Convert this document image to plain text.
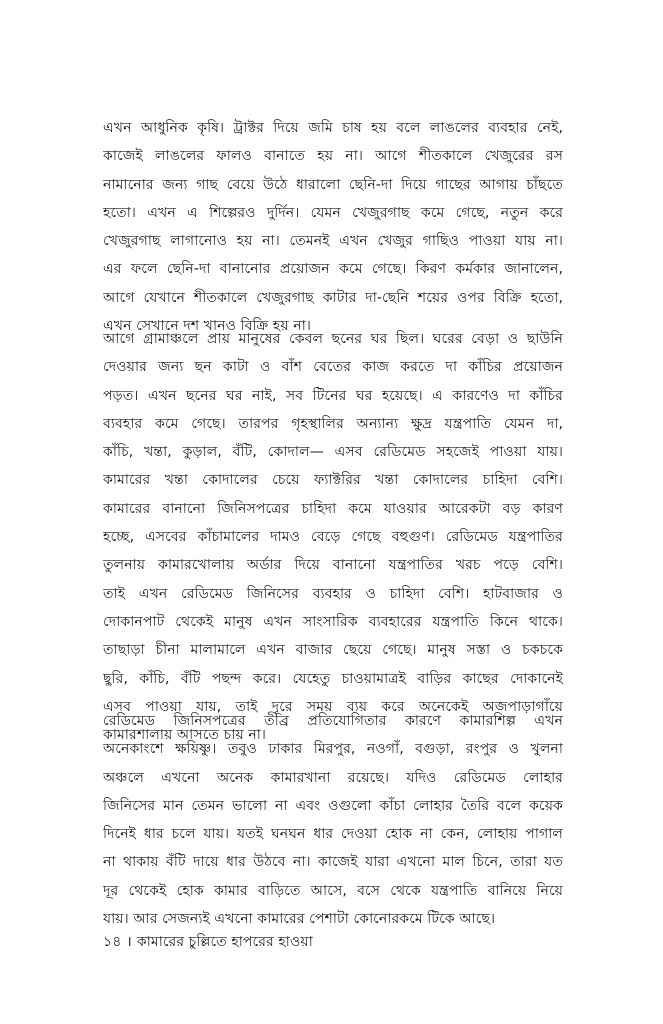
এখন আধুনিক কৃষি। ট্রাক্টর দিয়ে জমি চাষ হয় বলে লাঙলের ব্যবহার নেই,
কাজেই লাঙলের ফালও বানাতে হয় না। আগে শীতকালে খেজুরের রস
নামানোর জন্য গাছ বেয়ে উঠে ধারালো ছেনি-দা দিয়ে গাছের আগায় চাঁছতে
হতো। এখন এ শিল্পেরও দুর্দিন। যেমন খেজুরগাছ কমে গেছে, নতুন করে
খেজুরগাছ লাগানোও হয় না। তেমনই এখন খেজুর গাছিও পাওয়া যায় না।
এর ফলে ছেনি-দা বানানোর প্রয়োজন কমে গেছে। কিরণ কর্মকার জানালেন,
আগে যেখানে শীতকালে খেজুরগাছ কাটার দা-ছেনি শয়ের ওপর বিক্রি হতো,
এখন সেখানে দশ খানও বিক্রি হয় না।
আগে গ্রামাঞ্চলে প্রায় মানুষের কেবল ছনের ঘর ছিল। ঘরের বেড়া ও ছাউনি
দেওয়ার জন্য ছন কাটা ও বাঁশ বেতের কাজ করতে দা কাঁচির প্রয়োজন
পড়ত। এখন ছনের ঘর নাই, সব টিনের ঘর হয়েছে। এ কারণেও দা কাঁচির
ব্যবহার কমে গেছে। তারপর গৃহস্থালির অন্যান্য ক্ষুদ্র যন্ত্রপাতি যেমন দা,
কাঁচি, খন্তা, কুড়াল, বঁটি, কোদাল— এসব রেডিমেড সহজেই পাওয়া যায়।
কামারের খন্তা কোদালের চেয়ে ফ্যাক্টরির খন্তা কোদালের চাহিদা বেশি।
কামারের বানানো জিনিসপত্রের চাহিদা কমে যাওয়ার আরেকটা বড় কারণ
হচ্ছে, এসবের কাঁচামালের দামও বেড়ে গেছে বহুগুণ। রেডিমেড যন্ত্রপাতির
তুলনায় কামারখোলায় অর্ডার দিয়ে বানানো যন্ত্রপাতির খরচ পড়ে বেশি।
তাই এখন রেডিমেড জিনিসের ব্যবহার ও চাহিদা বেশি। হাটবাজার ও
দোকানপাট থেকেই মানুষ এখন সাংসারিক ব্যবহারের যন্ত্রপাতি কিনে থাকে।
তাছাড়া চীনা মালামালে এখন বাজার ছেয়ে গেছে। মানুষ সস্তা ও চকচকে
ছুরি, কাঁচি, বঁটি পছন্দ করে। যেহেতু চাওয়ামাত্রই বাড়ির কাছের দোকানেই
এসব পাওয়া যায়, তাই দূরে সময় ব্যয় করে অনেকেই অজপাড়াগাঁয়ে
কামারশালায় আসতে চায় না।
রেডিমেড জিনিসপত্রের তীব্র প্রতিযোগিতার কারণে কামারশিল্প এখন
অনেকাংশে ক্ষয়িষ্ণু। তবুও ঢাকার মিরপুর, নওগাঁ, বগুড়া, রংপুর ও খুলনা
অঞ্চলে এখনো অনেক কামারখানা রয়েছে। যদিও রেডিমেড লোহার
জিনিসের মান তেমন ভালো না এবং ওগুলো কাঁচা লোহার তৈরি বলে কয়েক
দিনেই ধার চলে যায়। যতই ঘনঘন ধার দেওয়া হোক না কেন, লোহায় পাগাল
না থাকায় বঁটি দায়ে ধার উঠবে না। কাজেই যারা এখনো মাল চিনে, তারা যত
দূর থেকেই হোক কামার বাড়িতে আসে, বসে থেকে যন্ত্রপাতি বানিয়ে নিয়ে
যায়। আর সেজন্যই এখনো কামারের পেশাটা কোনোরকমে টিকে আছে।
১৪ । কামারের চুল্লিতে হাপরের হাওয়া
